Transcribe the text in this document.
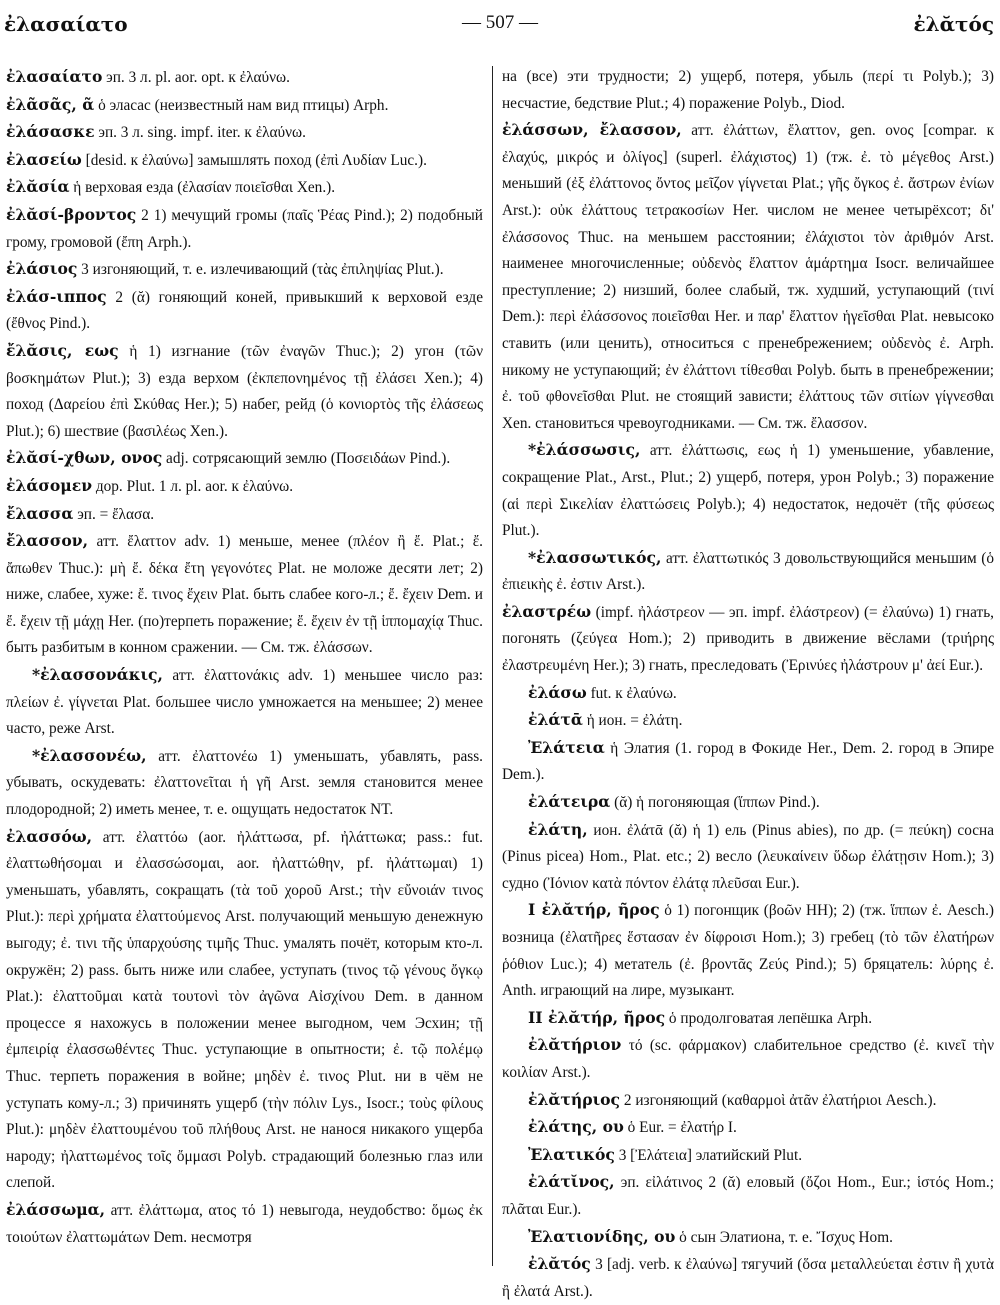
ἐλασαίατο	— 507 —	ἐλᾰτός

ἐλασαίατο эп. 3 л. pl. aor. opt. к ἐλαύνω.

ἐλᾶσᾶς, ᾶ ὁ эласас (неизвестный нам вид птицы) Arph.

ἐλάσασκε эп. 3 л. sing. impf. iter. к ἐλαύνω.

ἐλασείω [desid. к ἐλαύνω] замышлять поход (ἐπὶ Λυδίαν Luc.).

ἐλᾰσία ἡ верховая езда (ἐλασίαν ποιεῖσθαι Xen.).

ἐλᾰσί-βροντος 2 1) мечущий громы (παῖς Ῥέας Pind.); 2) подобный грому, громовой (ἔπη Arph.).

ἐλάσιος 3 изгоняющий, т. е. излечивающий (τὰς ἐπιληψίας Plut.).

ἐλάσ-ιππος 2 (ᾰ) гоняющий коней, привыкший к верховой езде (ἔθνος Pind.).

ἔλᾰσις, εως ἡ 1) изгнание (τῶν ἐναγῶν Thuc.); 2) угон (τῶν βοσκημάτων Plut.); 3) езда верхом (ἐκπεπονημένος τῇ ἐλάσει Xen.); 4) поход (Δαρείου ἐπὶ Σκύθας Her.); 5) набег, рейд (ὁ κονιορτὸς τῆς ἐλάσεως Plut.); 6) шествие (βασιλέως Xen.).

ἐλᾰσί-χθων, ονος adj. сотрясающий землю (Ποσειδάων Pind.).

ἐλάσομεν дор. Plut. 1 л. pl. aor. к ἐλαύνω.

ἔλασσα эп. = ἔλασα.

ἔλασσον, атт. ἔλαττον adv. 1) меньше, менее (πλέον ἢ ἔ. Plat.; ἔ. ἄπωθεν Thuc.): μὴ ἔ. δέκα ἔτη γεγονότες Plat. не моложе десяти лет; 2) ниже, слабее, хуже: ἔ. τινος ἔχειν Plat. быть слабее кого-л.; ἔ. ἔχειν Dem. и ἔ. ἔχειν τῇ μάχῃ Her. (по)терпеть поражение; ἔ. ἔχειν ἐν τῇ ἱππομαχίᾳ Thuc. быть разбитым в конном сражении. — См. тж. ἐλάσσων.

*ἐλασσονάκις, атт. ἐλαττονάκις adv. 1) меньшее число раз: πλείων ἐ. γίγνεται Plat. большее число умножается на меньшее; 2) менее часто, реже Arst.

*ἐλασσονέω, атт. ἐλαττονέω 1) уменьшать, убавлять, pass. убывать, оскудевать: ἐλαττονεῖται ἡ γῆ Arst. земля становится менее плодородной; 2) иметь менее, т. е. ощущать недостаток NT.

ἐλασσόω, атт. ἐλαττόω (aor. ἠλάττωσα, pf. ἠλάττωκα; pass.: fut. ἐλαττωθήσομαι и ἐλασσώσομαι, aor. ἠλαττώθην, pf. ἠλάττωμαι) 1) уменьшать, убавлять, сокращать (τὰ τοῦ χοροῦ Arst.; τὴν εὔνοιάν τινος Plut.): περὶ χρήματα ἐλαττούμενος Arst. получающий меньшую денежную выгоду; ἐ. τινι τῆς ὑπαρχούσης τιμῆς Thuc. умалять почёт, которым кто-л. окружён; 2) pass. быть ниже или слабее, уступать (τινος τῷ γένους ὄγκῳ Plat.): ἐλαττοῦμαι κατὰ τουτονὶ τὸν ἀγῶνα Αἰσχίνου Dem. в данном процессе я нахожусь в положении менее выгодном, чем Эсхин; τῇ ἐμπειρίᾳ ἐλασσωθέντες Thuc. уступающие в опытности; ἐ. τῷ πολέμῳ Thuc. терпеть поражения в войне; μηδὲν ἐ. τινος Plut. ни в чём не уступать кому-л.; 3) причинять ущерб (τὴν πόλιν Lys., Isocr.; τοὺς φίλους Plut.): μηδὲν ἐλαττουμένου τοῦ πλήθους Arst. не нанося никакого ущерба народу; ἠλαττωμένος τοῖς ὄμμασι Polyb. страдающий болезнью глаз или слепой.

ἐλάσσωμα, атт. ἐλάττωμα, ατος τό 1) невыгода, неудобство: ὅμως ἐκ τοιούτων ἐλαττωμάτων Dem. несмотря

на (все) эти трудности; 2) ущерб, потеря, убыль (περί τι Polyb.); 3) несчастие, бедствие Plut.; 4) поражение Polyb., Diod.

ἐλάσσων, ἔλασσον, атт. ἐλάττων, ἔλαττον, gen. ονος [compar. к ἐλαχύς, μικρός и ὀλίγος] (superl. ἐλάχιστος) 1) (тж. ἐ. τὸ μέγεθος Arst.) меньший (ἐξ ἐλάττονος ὄντος μεῖζον γίγνεται Plat.; γῆς ὄγκος ἐ. ἄστρων ἐνίων Arst.): οὐκ ἐλάττους τετρακοσίων Her. числом не менее четырёхсот; δι' ἐλάσσονος Thuc. на меньшем расстоянии; ἐλάχιστοι τὸν ἀριθμόν Arst. наименее многочисленные; οὐδενὸς ἔλαττον ἁμάρτημα Isocr. величайшее преступление; 2) низший, более слабый, тж. худший, уступающий (τινί Dem.): περὶ ἐλάσσονος ποιεῖσθαι Her. и παρ' ἔλαττον ἡγεῖσθαι Plat. невысоко ставить (или ценить), относиться с пренебрежением; οὐδενὸς ἐ. Arph. никому не уступающий; ἐν ἐλάττονι τίθεσθαι Polyb. быть в пренебрежении; ἐ. τοῦ φθονεῖσθαι Plut. не стоящий зависти; ἐλάττους τῶν σιτίων γίγνεσθαι Xen. становиться чревоугодниками. — См. тж. ἔλασσον.

*ἐλάσσωσις, атт. ἐλάττωσις, εως ἡ 1) уменьшение, убавление, сокращение Plat., Arst., Plut.; 2) ущерб, потеря, урон Polyb.; 3) поражение (αἱ περὶ Σικελίαν ἐλαττώσεις Polyb.); 4) недостаток, недочёт (τῆς φύσεως Plut.).

*ἐλασσωτικός, атт. ἐλαττωτικός 3 довольствующийся меньшим (ὁ ἐπιεικὴς ἐ. ἐστιν Arst.).

ἐλαστρέω (impf. ἠλάστρεον — эп. impf. ἐλάστρεον) (= ἐλαύνω) 1) гнать, погонять (ζεύγεα Hom.); 2) приводить в движение вёслами (τριήρης ἐλαστρευμένη Her.); 3) гнать, преследовать (Ἐρινύες ἠλάστρουν μ' ἀεί Eur.).

ἐλάσω fut. к ἐλαύνω.

ἐλάτᾱ ἡ ион. = ἐλάτη.

Ἐλάτεια ἡ Элатия (1. город в Фокиде Her., Dem. 2. город в Эпире Dem.).

ἐλάτειρα (ᾰ) ἡ погоняющая (ἵππων Pind.).

ἐλάτη, ион. ἐλάτᾱ (ᾰ) ἡ 1) ель (Pinus abies), по др. (= πεύκη) сосна (Pinus picea) Hom., Plat. etc.; 2) весло (λευκαίνειν ὕδωρ ἐλάτῃσιν Hom.); 3) судно (Ἰόνιον κατὰ πόντον ἐλάτᾳ πλεῦσαι Eur.).

I ἐλᾰτήρ, ῆρος ὁ 1) погонщик (βοῶν HH); 2) (тж. ἵππων ἐ. Aesch.) возница (ἐλατῆρες ἕστασαν ἐν δίφροισι Hom.); 3) гребец (τὸ τῶν ἐλατήρων ῥόθιον Luc.); 4) метатель (ἐ. βροντᾶς Ζεύς Pind.); 5) бряцатель: λύρης ἐ. Anth. играющий на лире, музыкант.

II ἐλᾰτήρ, ῆρος ὁ продолговатая лепёшка Arph.

ἐλᾰτήριον τό (sc. φάρμακον) слабительное средство (ἐ. κινεῖ τὴν κοιλίαν Arst.).

ἐλᾰτήριος 2 изгоняющий (καθαρμοὶ ἀτᾶν ἐλατήριοι Aesch.).

ἐλάτης, ου ὁ Eur. = ἐλατήρ I.

Ἐλατικός 3 [Ἐλάτεια] элатийский Plut.

ἐλάτῐνος, эп. εἰλάτινος 2 (ᾰ) еловый (ὄζοι Hom., Eur.; ἱστός Hom.; πλᾶται Eur.).

Ἐλατιονίδης, ου ὁ сын Элатиона, т. е. Ἴσχυς Hom.

ἐλᾰτός 3 [adj. verb. к ἐλαύνω] тягучий (ὅσα μεταλλεύεται ἐστιν ἢ χυτὰ ἢ ἐλατά Arst.).
